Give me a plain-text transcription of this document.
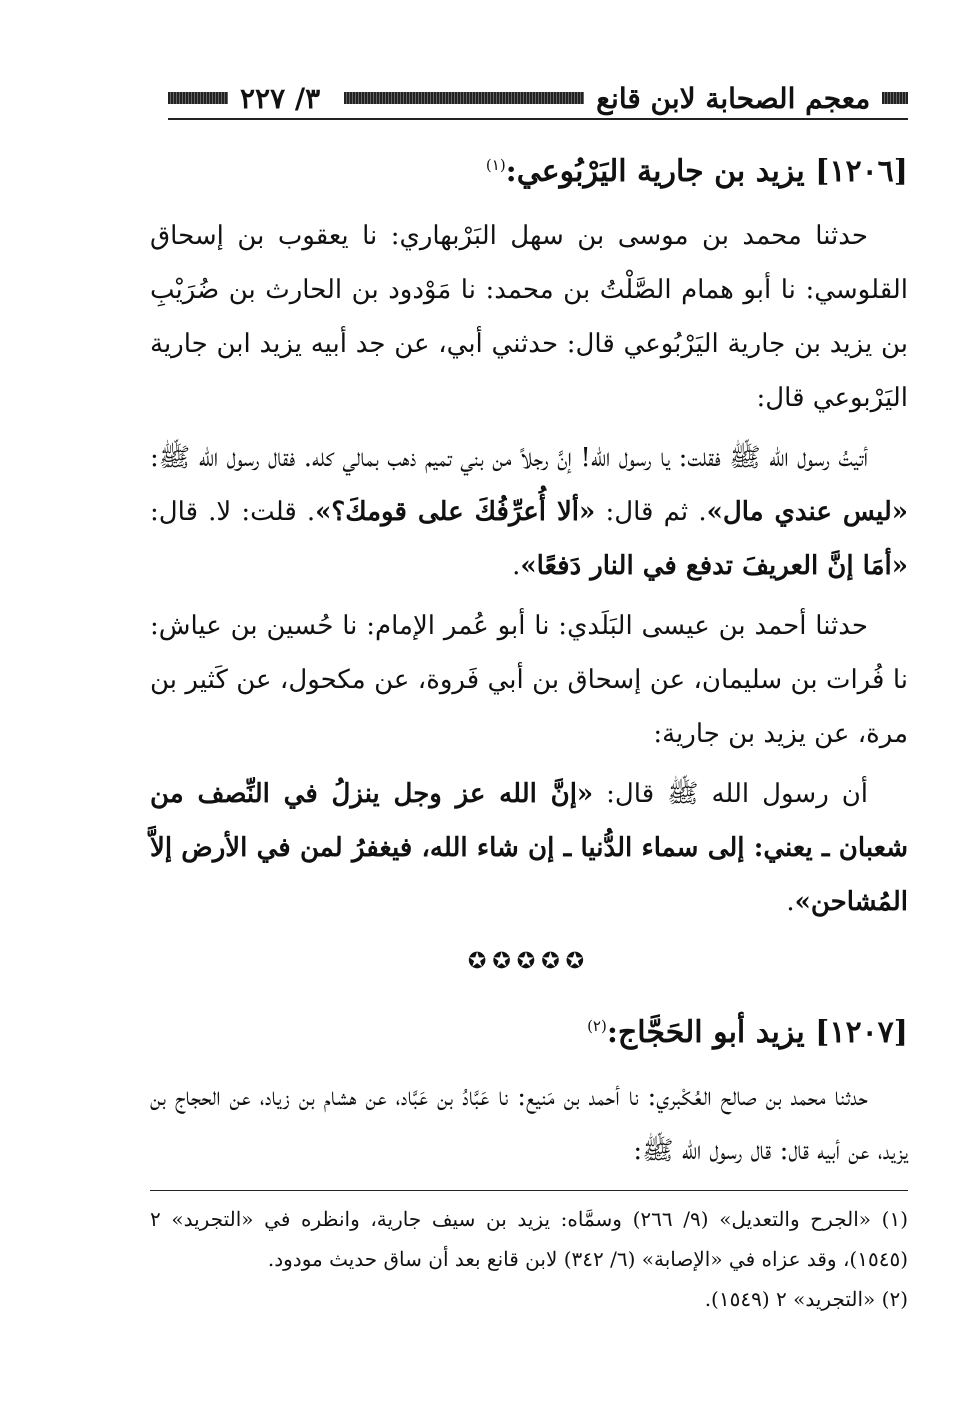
٣/ ٢٢٧	معجم الصحابة لابن قانع
[١٢٠٦] يزيد بن جارية اليَرْبُوعي:$^{(١)}$

حدثنا محمد بن موسى بن سهل البَرْبهاري: نا يعقوب بن إسحاق القلوسي: نا أبو همام الصَّلْتُ بن محمد: نا مَوْدود بن الحارث بن ضُرَيْبِ بن يزيد بن جارية اليَرْبُوعي قال: حدثني أبي، عن جد أبيه يزيد ابن جارية اليَرْبوعي قال:

أتيتُ رسول الله ﷺ فقلت: يا رسول الله! إنَّ رجلاً من بني تميم ذهب بمالي كله. فقال رسول الله ﷺ: «ليس عندي مال». ثم قال: «ألا أُعرِّفُكَ على قومكَ؟». قلت: لا. قال: «أمَا إنَّ العريفَ تدفع في النار دَفعًا».

حدثنا أحمد بن عيسى البَلَدي: نا أبو عُمر الإمام: نا حُسين بن عياش: نا فُرات بن سليمان، عن إسحاق بن أبي فَروة، عن مكحول، عن كَثير بن مرة، عن يزيد بن جارية:

أن رسول الله ﷺ قال: «إنَّ الله عز وجل ينزلُ في النِّصف من شعبان ـ يعني: إلى سماء الدُّنيا ـ إن شاء الله، فيغفرُ لمن في الأرض إلاَّ المُشاحن».

✪✪✪✪✪
[١٢٠٧] يزيد أبو الحَجَّاج:$^{(٢)}$

حدثنا محمد بن صالح العُكْبري: نا أحمد بن مَنيع: نا عَبَّادُ بن عَبَّاد، عن هشام بن زياد، عن الحجاج بن يزيد، عن أبيه قال: قال رسول الله ﷺ:

(١) «الجرح والتعديل» (٩/ ٢٦٦) وسمَّاه: يزيد بن سيف جارية، وانظره في «التجريد» ٢ (١٥٤٥)، وقد عزاه في «الإصابة» (٦/ ٣٤٢) لابن قانع بعد أن ساق حديث مودود.
(٢) «التجريد» ٢ (١٥٤٩).
